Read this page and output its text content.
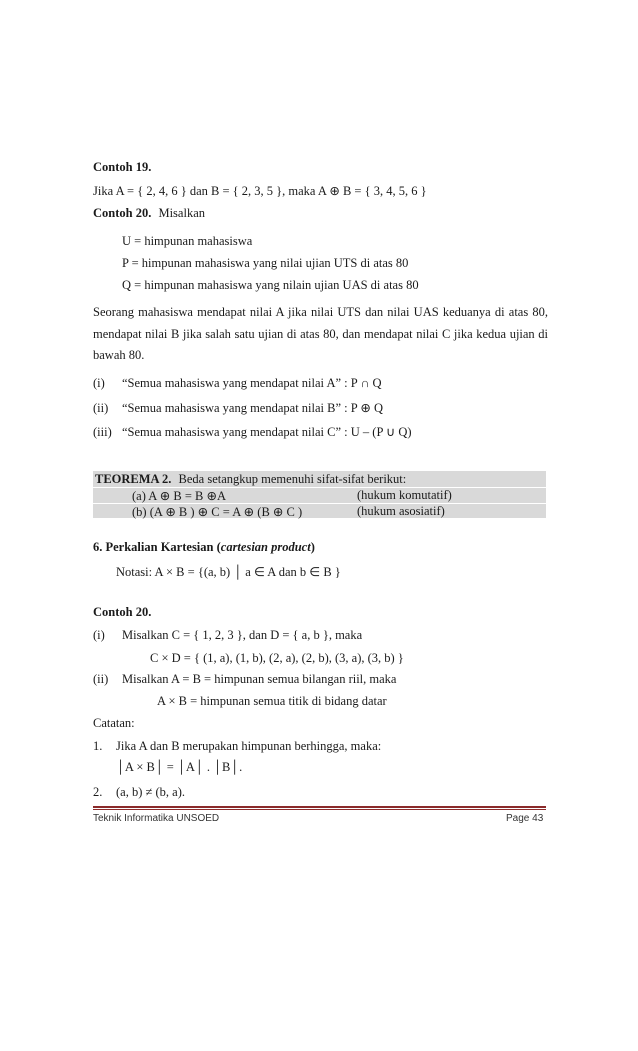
Contoh 19.
Jika A = { 2, 4, 6 } dan B = { 2, 3, 5 }, maka A ⊕ B = { 3, 4, 5, 6 }
Contoh 20. Misalkan
U = himpunan mahasiswa
P = himpunan mahasiswa yang nilai ujian UTS di atas 80
Q = himpunan mahasiswa yang nilain ujian UAS di atas 80
Seorang mahasiswa mendapat nilai A jika nilai UTS dan nilai UAS keduanya di atas 80, mendapat nilai B jika salah satu ujian di atas 80, dan mendapat nilai C jika kedua ujian di bawah 80.
(i) “Semua mahasiswa yang mendapat nilai A” : P ∩ Q
(ii) “Semua mahasiswa yang mendapat nilai B” : P ⊕ Q
(iii) “Semua mahasiswa yang mendapat nilai C” : U – (P ∪ Q)
TEOREMA 2. Beda setangkup memenuhi sifat-sifat berikut:
(a) A ⊕ B = B ⊕A	(hukum komutatif)
(b) (A ⊕ B ) ⊕ C = A ⊕ (B ⊕ C )	(hukum asosiatif)
6. Perkalian Kartesian (cartesian product)
Notasi: A × B = {(a, b) │ a ∈ A dan b ∈ B }
Contoh 20.
(i) Misalkan C = { 1, 2, 3 }, dan D = { a, b }, maka
C × D = { (1, a), (1, b), (2, a), (2, b), (3, a), (3, b) }
(ii) Misalkan A = B = himpunan semua bilangan riil, maka
A × B = himpunan semua titik di bidang datar
Catatan:
1. Jika A dan B merupakan himpunan berhingga, maka:
│A × B│ = │A│ . │B│.
2. (a, b) ≠ (b, a).
Teknik Informatika UNSOED	Page 43
